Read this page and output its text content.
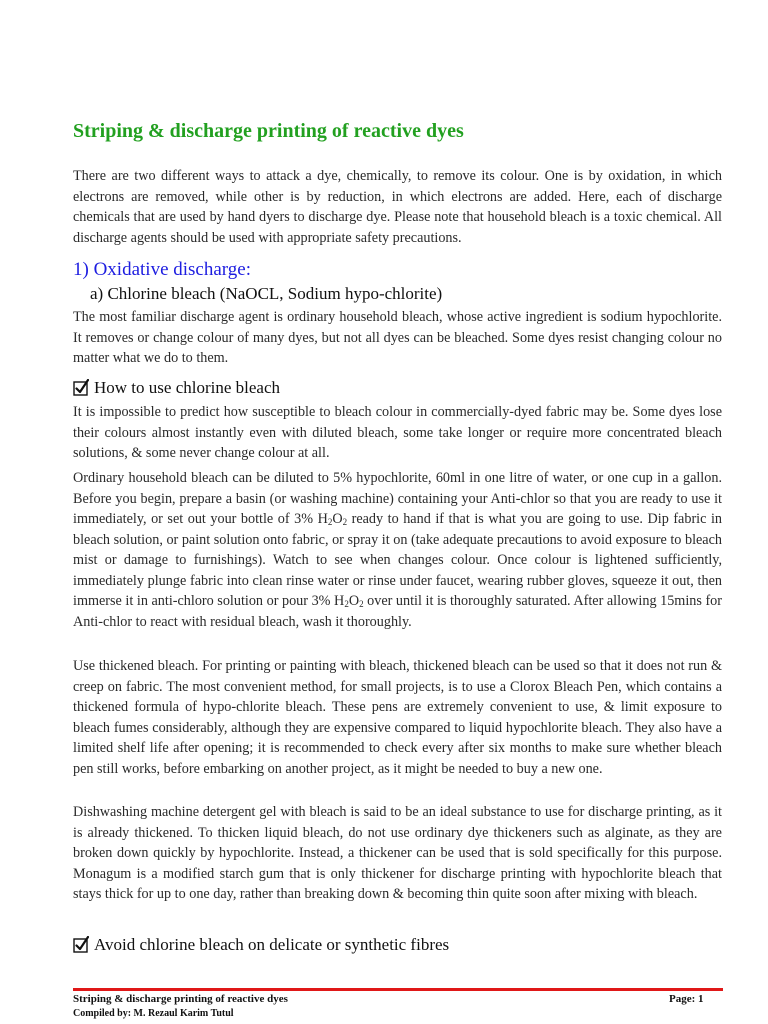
Striping & discharge printing of reactive dyes

There are two different ways to attack a dye, chemically, to remove its colour. One is by oxidation, in which electrons are removed, while other is by reduction, in which electrons are added. Here, each of discharge chemicals that are used by hand dyers to discharge dye. Please note that household bleach is a toxic chemical. All discharge agents should be used with appropriate safety precautions.

1) Oxidative discharge:
a) Chlorine bleach (NaOCL, Sodium hypo-chlorite)

The most familiar discharge agent is ordinary household bleach, whose active ingredient is sodium hypochlorite. It removes or change colour of many dyes, but not all dyes can be bleached. Some dyes resist changing colour no matter what we do to them.

How to use chlorine bleach

It is impossible to predict how susceptible to bleach colour in commercially-dyed fabric may be. Some dyes lose their colours almost instantly even with diluted bleach, some take longer or require more concentrated bleach solutions, & some never change colour at all.

Ordinary household bleach can be diluted to 5% hypochlorite, 60ml in one litre of water, or one cup in a gallon. Before you begin, prepare a basin (or washing machine) containing your Anti-chlor so that you are ready to use it immediately, or set out your bottle of 3% $H_2O_2$ ready to hand if that is what you are going to use. Dip fabric in bleach solution, or paint solution onto fabric, or spray it on (take adequate precautions to avoid exposure to bleach mist or damage to furnishings). Watch to see when changes colour. Once colour is lightened sufficiently, immediately plunge fabric into clean rinse water or rinse under faucet, wearing rubber gloves, squeeze it out, then immerse it in anti-chloro solution or pour 3% $H_2O_2$ over until it is thoroughly saturated. After allowing 15mins for Anti-chlor to react with residual bleach, wash it thoroughly.

Use thickened bleach. For printing or painting with bleach, thickened bleach can be used so that it does not run & creep on fabric. The most convenient method, for small projects, is to use a Clorox Bleach Pen, which contains a thickened formula of hypo-chlorite bleach. These pens are extremely convenient to use, & limit exposure to bleach fumes considerably, although they are expensive compared to liquid hypochlorite bleach. They also have a limited shelf life after opening; it is recommended to check every after six months to make sure whether bleach pen still works, before embarking on another project, as it might be needed to buy a new one.

Dishwashing machine detergent gel with bleach is said to be an ideal substance to use for discharge printing, as it is already thickened. To thicken liquid bleach, do not use ordinary dye thickeners such as alginate, as they are broken down quickly by hypochlorite. Instead, a thickener can be used that is sold specifically for this purpose. Monagum is a modified starch gum that is only thickener for discharge printing with hypochlorite bleach that stays thick for up to one day, rather than breaking down & becoming thin quite soon after mixing with bleach.

Avoid chlorine bleach on delicate or synthetic fibres
Striping & discharge printing of reactive dyes
Compiled by: M. Rezaul Karim Tutul
Page: 1
